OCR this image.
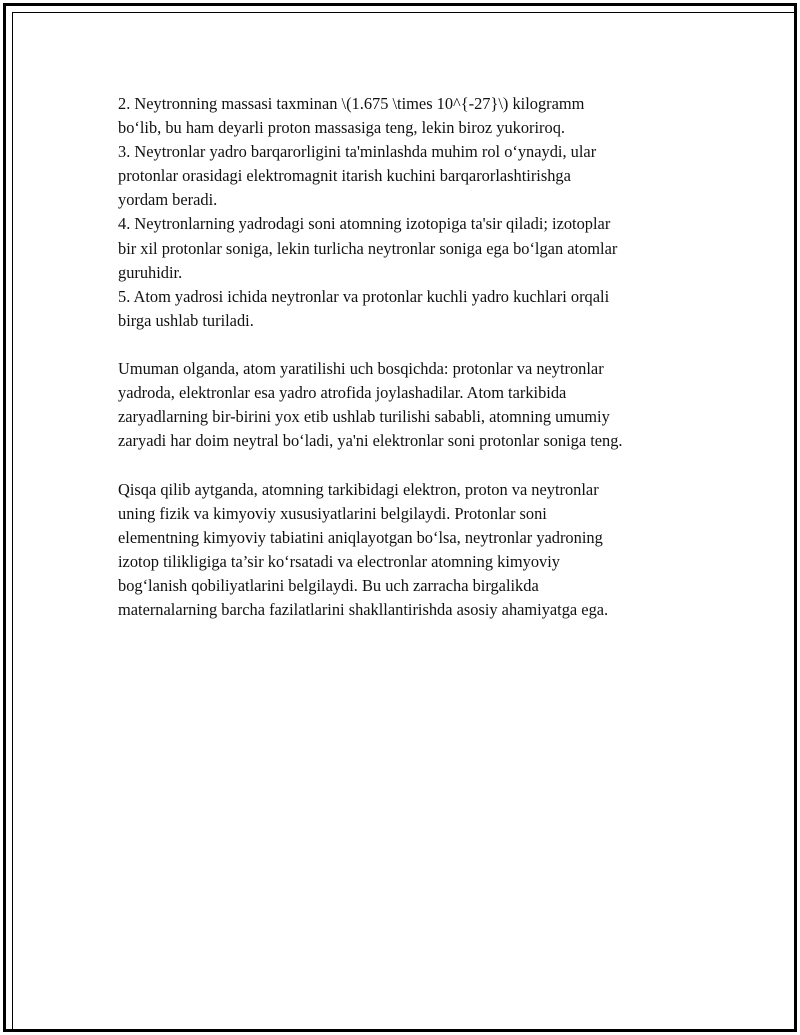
2. Neytronning massasi taxminan \(1.675 \times 10^{-27}\) kilogramm
bo‘lib, bu ham deyarli proton massasiga teng, lekin biroz yukoriroq.
3. Neytronlar yadro barqarorligini ta'minlashda muhim rol o‘ynaydi, ular
protonlar orasidagi elektromagnit itarish kuchini barqarorlashtirishga
yordam beradi.
4. Neytronlarning yadrodagi soni atomning izotopiga ta'sir qiladi; izotoplar
bir xil protonlar soniga, lekin turlicha neytronlar soniga ega bo‘lgan atomlar
guruhidir.
5. Atom yadrosi ichida neytronlar va protonlar kuchli yadro kuchlari orqali
birga ushlab turiladi.
Umuman olganda, atom yaratilishi uch bosqichda: protonlar va neytronlar
yadroda, elektronlar esa yadro atrofida joylashadilar. Atom tarkibida
zaryadlarning bir-birini yox etib ushlab turilishi sababli, atomning umumiy
zaryadi har doim neytral bo‘ladi, ya'ni elektronlar soni protonlar soniga teng.
Qisqa qilib aytganda, atomning tarkibidagi elektron, proton va neytronlar
uning fizik va kimyoviy xususiyatlarini belgilaydi. Protonlar soni
elementning kimyoviy tabiatini aniqlayotgan bo‘lsa, neytronlar yadroning
izotop tilikligiga ta’sir ko‘rsatadi va electronlar atomning kimyoviy
bog‘lanish qobiliyatlarini belgilaydi. Bu uch zarracha birgalikda
maternalarning barcha fazilatlarini shakllantirishda asosiy ahamiyatga ega.
